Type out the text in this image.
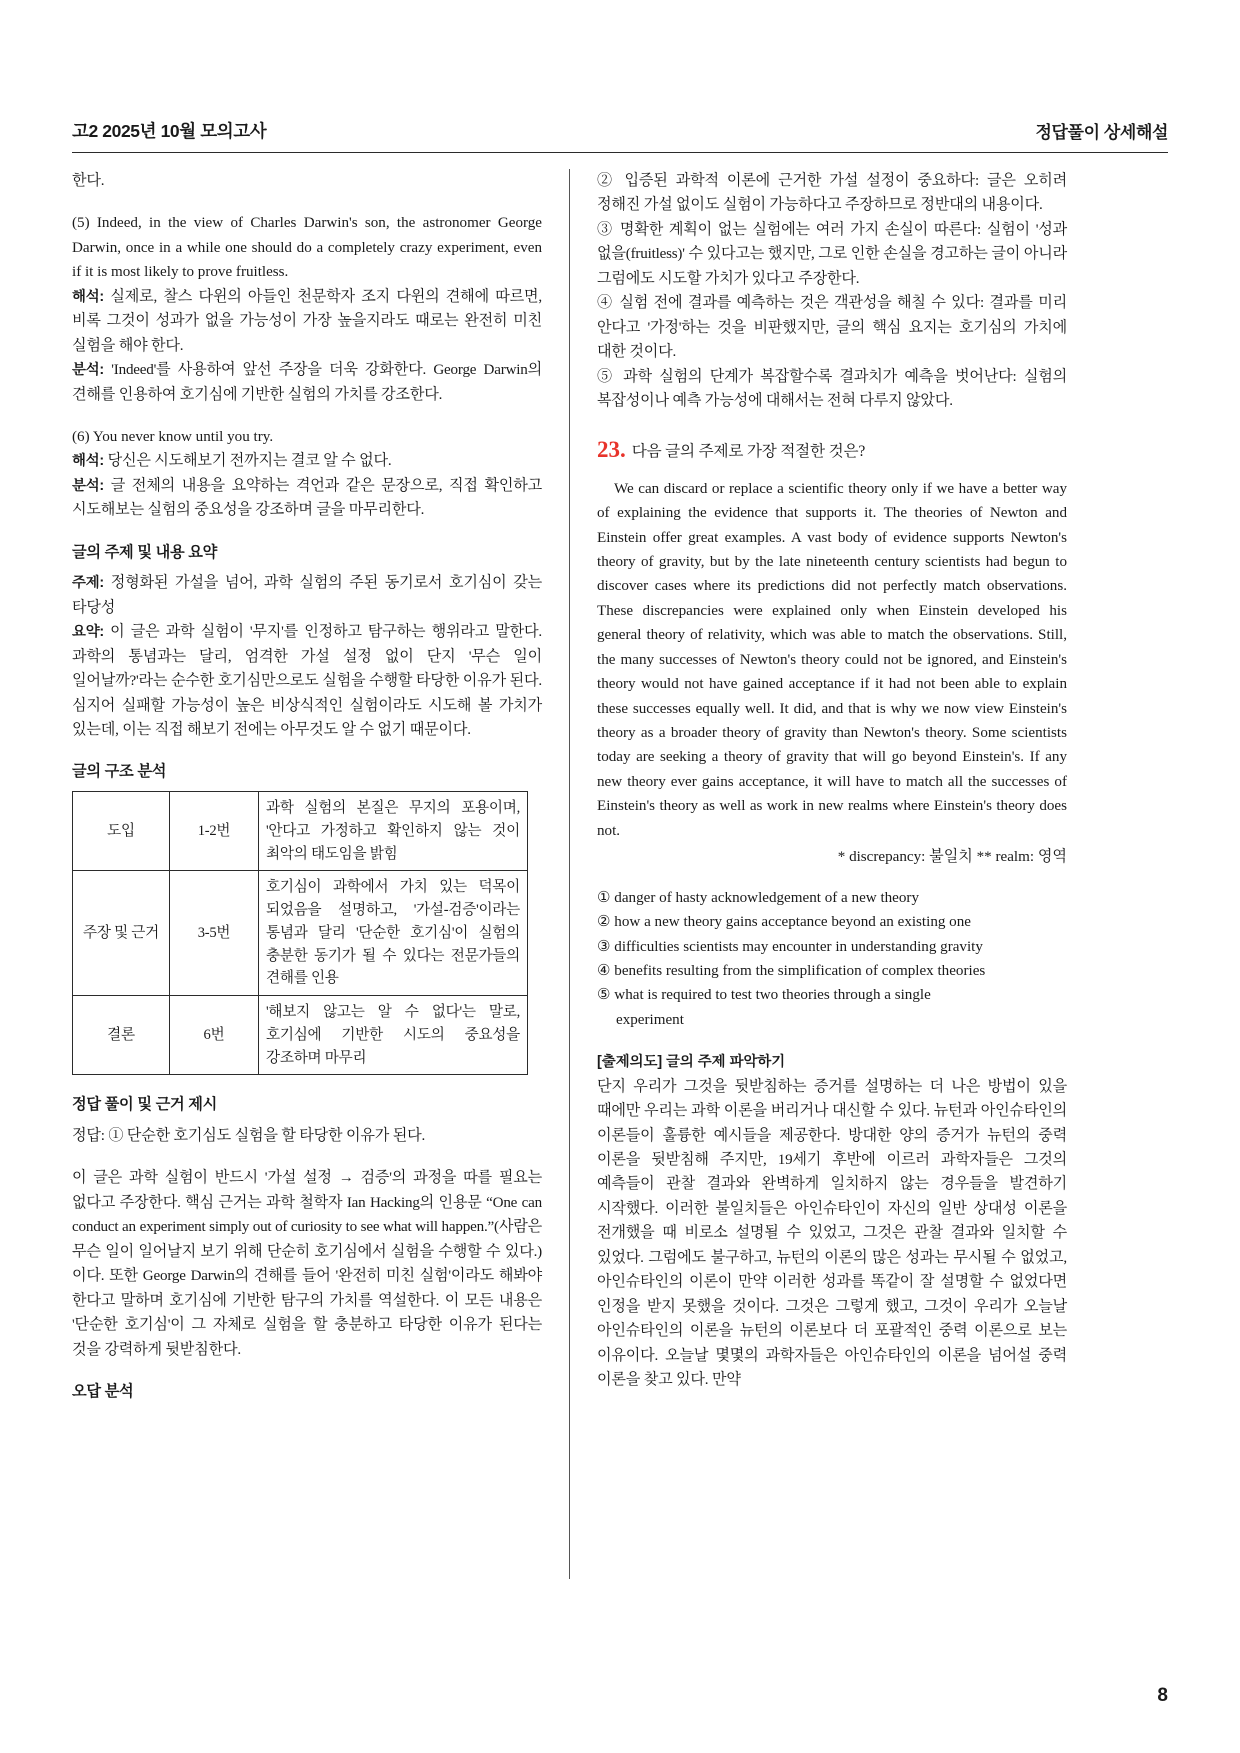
고2 2025년 10월 모의고사	정답풀이 상세해설

한다.

(5) Indeed, in the view of Charles Darwin's son, the astronomer George Darwin, once in a while one should do a completely crazy experiment, even if it is most likely to prove fruitless.

해석: 실제로, 찰스 다윈의 아들인 천문학자 조지 다윈의 견해에 따르면, 비록 그것이 성과가 없을 가능성이 가장 높을지라도 때로는 완전히 미친 실험을 해야 한다.

분석: 'Indeed'를 사용하여 앞선 주장을 더욱 강화한다. George Darwin의 견해를 인용하여 호기심에 기반한 실험의 가치를 강조한다.

(6) You never know until you try.

해석: 당신은 시도해보기 전까지는 결코 알 수 없다.

분석: 글 전체의 내용을 요약하는 격언과 같은 문장으로, 직접 확인하고 시도해보는 실험의 중요성을 강조하며 글을 마무리한다.

글의 주제 및 내용 요약

주제: 정형화된 가설을 넘어, 과학 실험의 주된 동기로서 호기심이 갖는 타당성

요약: 이 글은 과학 실험이 '무지'를 인정하고 탐구하는 행위라고 말한다. 과학의 통념과는 달리, 엄격한 가설 설정 없이 단지 '무슨 일이 일어날까?'라는 순수한 호기심만으로도 실험을 수행할 타당한 이유가 된다. 심지어 실패할 가능성이 높은 비상식적인 실험이라도 시도해 볼 가치가 있는데, 이는 직접 해보기 전에는 아무것도 알 수 없기 때문이다.

글의 구조 분석
도입	1-2번	과학 실험의 본질은 무지의 포용이며, '안다고 가정하고 확인하지 않는 것이 최악의 태도임을 밝힘
주장 및 근거	3-5번	호기심이 과학에서 가치 있는 덕목이 되었음을 설명하고, '가설-검증'이라는 통념과 달리 '단순한 호기심'이 실험의 충분한 동기가 될 수 있다는 전문가들의 견해를 인용
결론	6번	'해보지 않고는 알 수 없다'는 말로, 호기심에 기반한 시도의 중요성을 강조하며 마무리
정답 풀이 및 근거 제시

정답: ① 단순한 호기심도 실험을 할 타당한 이유가 된다.

이 글은 과학 실험이 반드시 '가설 설정 → 검증'의 과정을 따를 필요는 없다고 주장한다. 핵심 근거는 과학 철학자 Ian Hacking의 인용문 “One can conduct an experiment simply out of curiosity to see what will happen.”(사람은 무슨 일이 일어날지 보기 위해 단순히 호기심에서 실험을 수행할 수 있다.) 이다. 또한 George Darwin의 견해를 들어 '완전히 미친 실험'이라도 해봐야 한다고 말하며 호기심에 기반한 탐구의 가치를 역설한다. 이 모든 내용은 '단순한 호기심'이 그 자체로 실험을 할 충분하고 타당한 이유가 된다는 것을 강력하게 뒷받침한다.

오답 분석

② 입증된 과학적 이론에 근거한 가설 설정이 중요하다: 글은 오히려 정해진 가설 없이도 실험이 가능하다고 주장하므로 정반대의 내용이다.

③ 명확한 계획이 없는 실험에는 여러 가지 손실이 따른다: 실험이 '성과 없을(fruitless)' 수 있다고는 했지만, 그로 인한 손실을 경고하는 글이 아니라 그럼에도 시도할 가치가 있다고 주장한다.

④ 실험 전에 결과를 예측하는 것은 객관성을 해칠 수 있다: 결과를 미리 안다고 '가정'하는 것을 비판했지만, 글의 핵심 요지는 호기심의 가치에 대한 것이다.

⑤ 과학 실험의 단계가 복잡할수록 결과치가 예측을 벗어난다: 실험의 복잡성이나 예측 가능성에 대해서는 전혀 다루지 않았다.

23. 다음 글의 주제로 가장 적절한 것은?

We can discard or replace a scientific theory only if we have a better way of explaining the evidence that supports it. The theories of Newton and Einstein offer great examples. A vast body of evidence supports Newton's theory of gravity, but by the late nineteenth century scientists had begun to discover cases where its predictions did not perfectly match observations. These discrepancies were explained only when Einstein developed his general theory of relativity, which was able to match the observations. Still, the many successes of Newton's theory could not be ignored, and Einstein's theory would not have gained acceptance if it had not been able to explain these successes equally well. It did, and that is why we now view Einstein's theory as a broader theory of gravity than Newton's theory. Some scientists today are seeking a theory of gravity that will go beyond Einstein's. If any new theory ever gains acceptance, it will have to match all the successes of Einstein's theory as well as work in new realms where Einstein's theory does not.

* discrepancy: 불일치 ** realm: 영역

① danger of hasty acknowledgement of a new theory

② how a new theory gains acceptance beyond an existing one

③ difficulties scientists may encounter in understanding gravity

④ benefits resulting from the simplification of complex theories

⑤ what is required to test two theories through a single

experiment

[출제의도] 글의 주제 파악하기

단지 우리가 그것을 뒷받침하는 증거를 설명하는 더 나은 방법이 있을 때에만 우리는 과학 이론을 버리거나 대신할 수 있다. 뉴턴과 아인슈타인의 이론들이 훌륭한 예시들을 제공한다. 방대한 양의 증거가 뉴턴의 중력 이론을 뒷받침해 주지만, 19세기 후반에 이르러 과학자들은 그것의 예측들이 관찰 결과와 완벽하게 일치하지 않는 경우들을 발견하기 시작했다. 이러한 불일치들은 아인슈타인이 자신의 일반 상대성 이론을 전개했을 때 비로소 설명될 수 있었고, 그것은 관찰 결과와 일치할 수 있었다. 그럼에도 불구하고, 뉴턴의 이론의 많은 성과는 무시될 수 없었고, 아인슈타인의 이론이 만약 이러한 성과를 똑같이 잘 설명할 수 없었다면 인정을 받지 못했을 것이다. 그것은 그렇게 했고, 그것이 우리가 오늘날 아인슈타인의 이론을 뉴턴의 이론보다 더 포괄적인 중력 이론으로 보는 이유이다. 오늘날 몇몇의 과학자들은 아인슈타인의 이론을 넘어설 중력 이론을 찾고 있다. 만약

8
